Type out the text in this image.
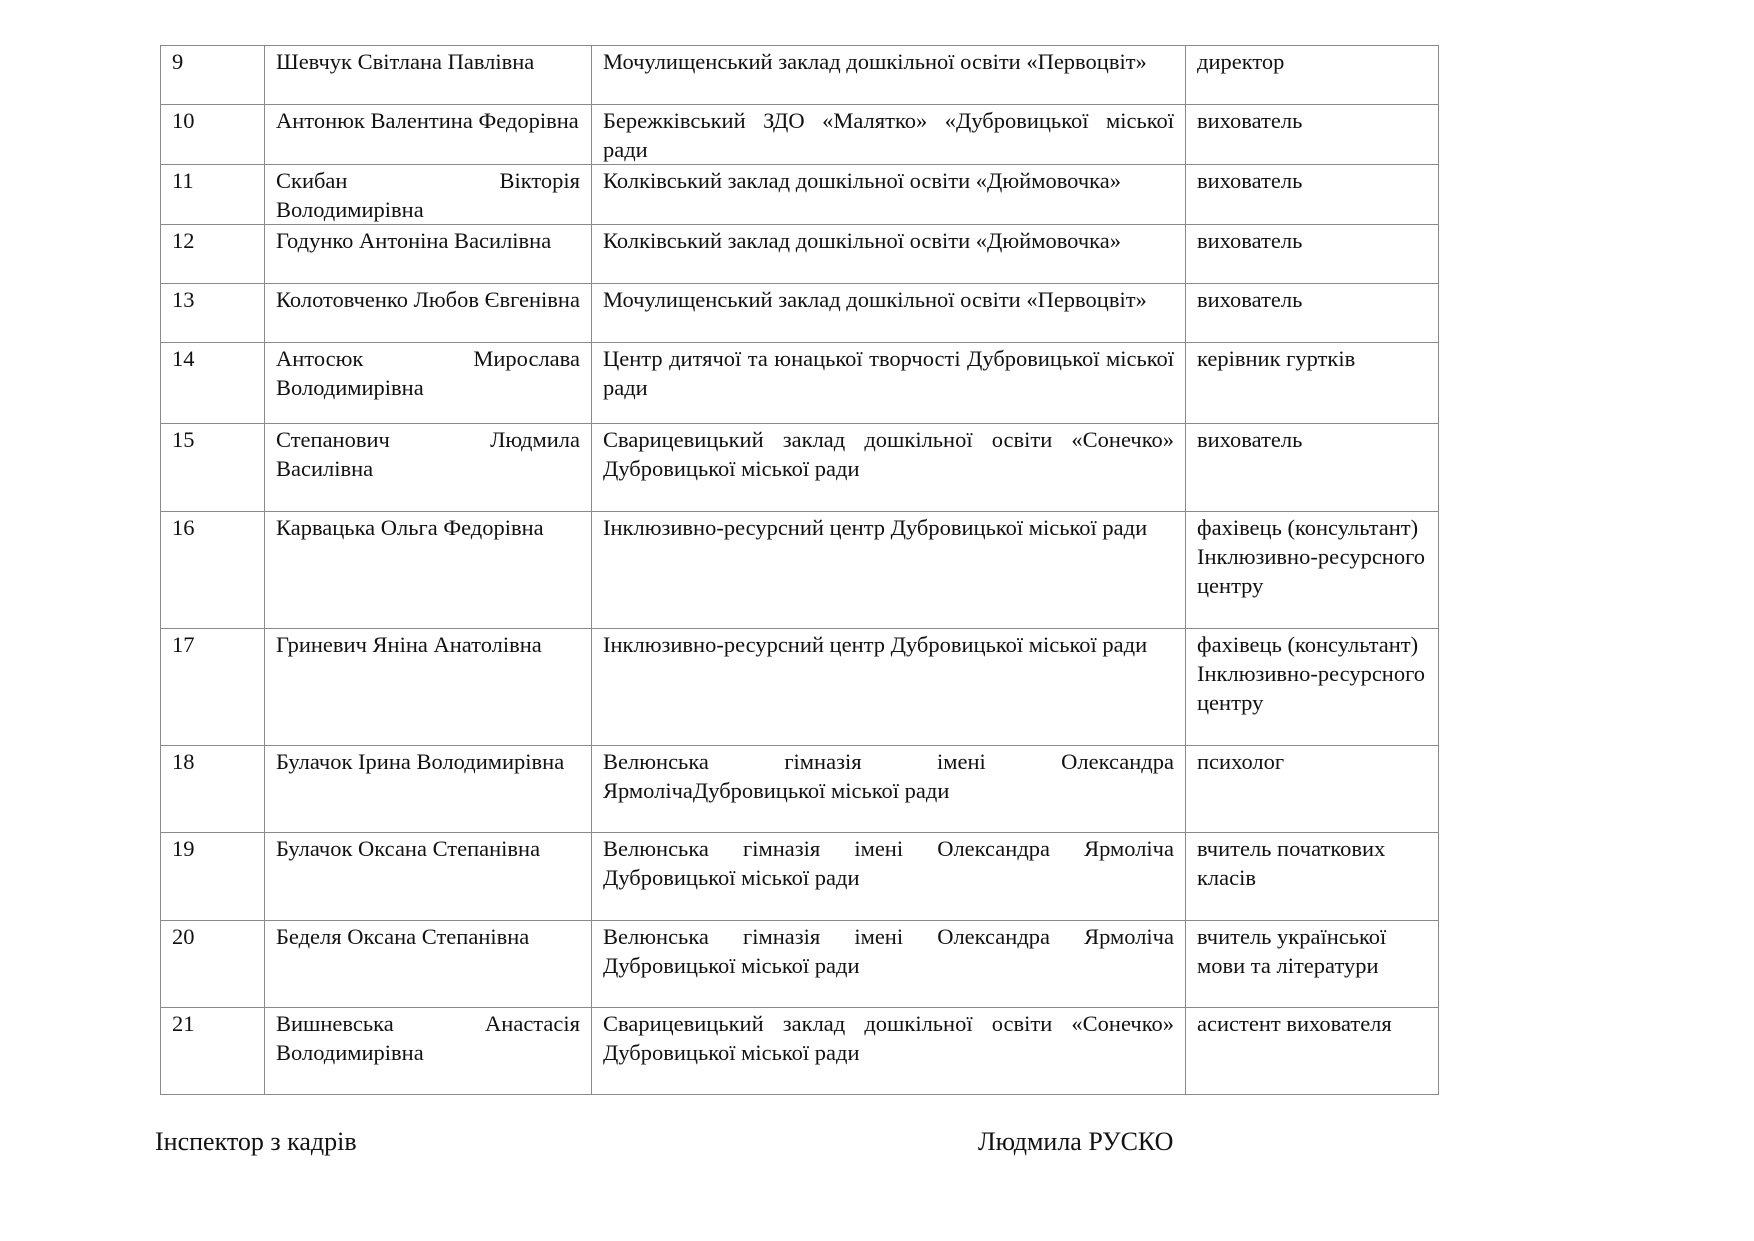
9	Шевчук Світлана Павлівна	Мочулищенський заклад дошкільної освіти «Первоцвіт»	директор
10	Антонюк Валентина Федорівна	Бережківський ЗДО «Малятко» «Дубровицької міської ради	вихователь
11	Скибан Вікторія Володимирівна	Колківський заклад дошкільної освіти «Дюймовочка»	вихователь
12	Годунко Антоніна Василівна	Колківський заклад дошкільної освіти «Дюймовочка»	вихователь
13	Колотовченко Любов Євгенівна	Мочулищенський заклад дошкільної освіти «Первоцвіт»	вихователь
14	Антосюк Мирослава Володимирівна	Центр дитячої та юнацької творчості Дубровицької міської ради	керівник гуртків
15	Степанович Людмила Василівна	Сварицевицький заклад дошкільної освіти «Сонечко» Дубровицької міської ради	вихователь
16	Карвацька Ольга Федорівна	Інклюзивно-ресурсний центр Дубровицької міської ради	фахівець (консультант) Інклюзивно-ресурсного центру
17	Гриневич Яніна Анатолівна	Інклюзивно-ресурсний центр Дубровицької міської ради	фахівець (консультант) Інклюзивно-ресурсного центру
18	Булачок Ірина Володимирівна	Велюнська гімназія імені Олександра ЯрмолічаДубровицької міської ради	психолог
19	Булачок Оксана Степанівна	Велюнська гімназія імені Олександра Ярмоліча Дубровицької міської ради	вчитель початкових класів
20	Беделя Оксана Степанівна	Велюнська гімназія імені Олександра Ярмоліча Дубровицької міської ради	вчитель української мови та літератури
21	Вишневська Анастасія Володимирівна	Сварицевицький заклад дошкільної освіти «Сонечко» Дубровицької міської ради	асистент вихователя
Інспектор з кадрів	Людмила РУСКО
